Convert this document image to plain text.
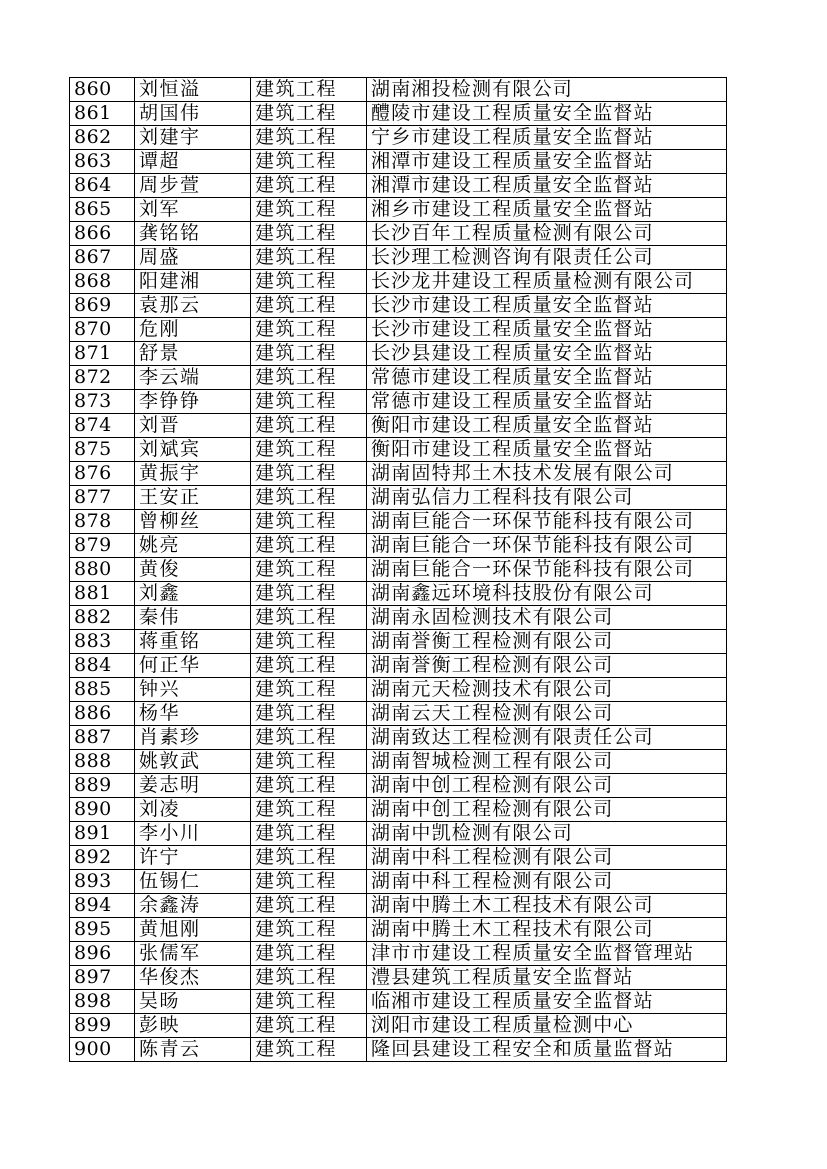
860	刘恒溢	建筑工程	湖南湘投检测有限公司
861	胡国伟	建筑工程	醴陵市建设工程质量安全监督站
862	刘建宇	建筑工程	宁乡市建设工程质量安全监督站
863	谭超	建筑工程	湘潭市建设工程质量安全监督站
864	周步萱	建筑工程	湘潭市建设工程质量安全监督站
865	刘军	建筑工程	湘乡市建设工程质量安全监督站
866	龚铭铭	建筑工程	长沙百年工程质量检测有限公司
867	周盛	建筑工程	长沙理工检测咨询有限责任公司
868	阳建湘	建筑工程	长沙龙井建设工程质量检测有限公司
869	袁那云	建筑工程	长沙市建设工程质量安全监督站
870	危刚	建筑工程	长沙市建设工程质量安全监督站
871	舒景	建筑工程	长沙县建设工程质量安全监督站
872	李云端	建筑工程	常德市建设工程质量安全监督站
873	李铮铮	建筑工程	常德市建设工程质量安全监督站
874	刘晋	建筑工程	衡阳市建设工程质量安全监督站
875	刘斌宾	建筑工程	衡阳市建设工程质量安全监督站
876	黄振宇	建筑工程	湖南固特邦土木技术发展有限公司
877	王安正	建筑工程	湖南弘信力工程科技有限公司
878	曾柳丝	建筑工程	湖南巨能合一环保节能科技有限公司
879	姚亮	建筑工程	湖南巨能合一环保节能科技有限公司
880	黄俊	建筑工程	湖南巨能合一环保节能科技有限公司
881	刘鑫	建筑工程	湖南鑫远环境科技股份有限公司
882	秦伟	建筑工程	湖南永固检测技术有限公司
883	蒋重铭	建筑工程	湖南誉衡工程检测有限公司
884	何正华	建筑工程	湖南誉衡工程检测有限公司
885	钟兴	建筑工程	湖南元天检测技术有限公司
886	杨华	建筑工程	湖南云天工程检测有限公司
887	肖素珍	建筑工程	湖南致达工程检测有限责任公司
888	姚敦武	建筑工程	湖南智城检测工程有限公司
889	姜志明	建筑工程	湖南中创工程检测有限公司
890	刘凌	建筑工程	湖南中创工程检测有限公司
891	李小川	建筑工程	湖南中凯检测有限公司
892	许宁	建筑工程	湖南中科工程检测有限公司
893	伍锡仁	建筑工程	湖南中科工程检测有限公司
894	余鑫涛	建筑工程	湖南中腾土木工程技术有限公司
895	黄旭刚	建筑工程	湖南中腾土木工程技术有限公司
896	张儒军	建筑工程	津市市建设工程质量安全监督管理站
897	华俊杰	建筑工程	澧县建筑工程质量安全监督站
898	吴旸	建筑工程	临湘市建设工程质量安全监督站
899	彭映	建筑工程	浏阳市建设工程质量检测中心
900	陈青云	建筑工程	隆回县建设工程安全和质量监督站
